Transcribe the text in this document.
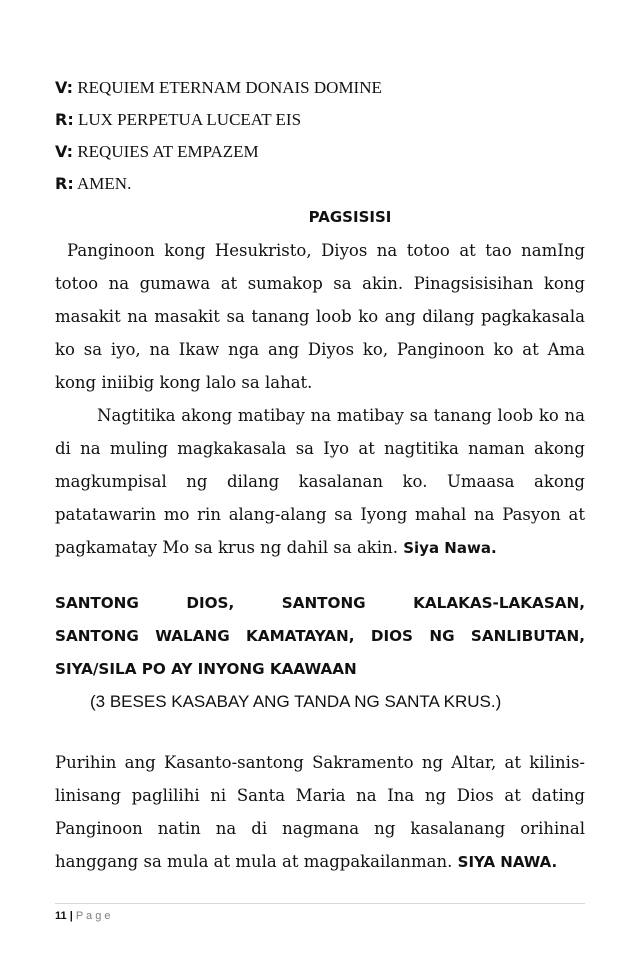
V: REQUIEM ETERNAM DONAIS DOMINE
R: LUX PERPETUA LUCEAT EIS
V: REQUIES AT EMPAZEM
R: AMEN.
PAGSISISI

Panginoon kong Hesukristo, Diyos na totoo at tao namIng totoo na gumawa at sumakop sa akin. Pinagsisisihan kong masakit na masakit sa tanang loob ko ang dilang pagkakasala ko sa iyo, na Ikaw nga ang Diyos ko, Panginoon ko at Ama kong iniibig kong lalo sa lahat.

Nagtitika akong matibay na matibay sa tanang loob ko na di na muling magkakasala sa Iyo at nagtitika naman akong magkumpisal ng dilang kasalanan ko. Umaasa akong patatawarin mo rin alang-alang sa Iyong mahal na Pasyon at pagkamatay Mo sa krus ng dahil sa akin. Siya Nawa.

SANTONG DIOS, SANTONG KALAKAS-LAKASAN,
SANTONG WALANG KAMATAYAN, DIOS NG SANLIBUTAN,
SIYA/SILA PO AY INYONG KAAWAAN
(3 BESES KASABAY ANG TANDA NG SANTA KRUS.)

Purihin ang Kasanto-santong Sakramento ng Altar, at kilinis-linisang paglilihi ni Santa Maria na Ina ng Dios at dating Panginoon natin na di nagmana ng kasalanang orihinal hanggang sa mula at mula at magpakailanman. SIYA NAWA.

11 | P a g e
